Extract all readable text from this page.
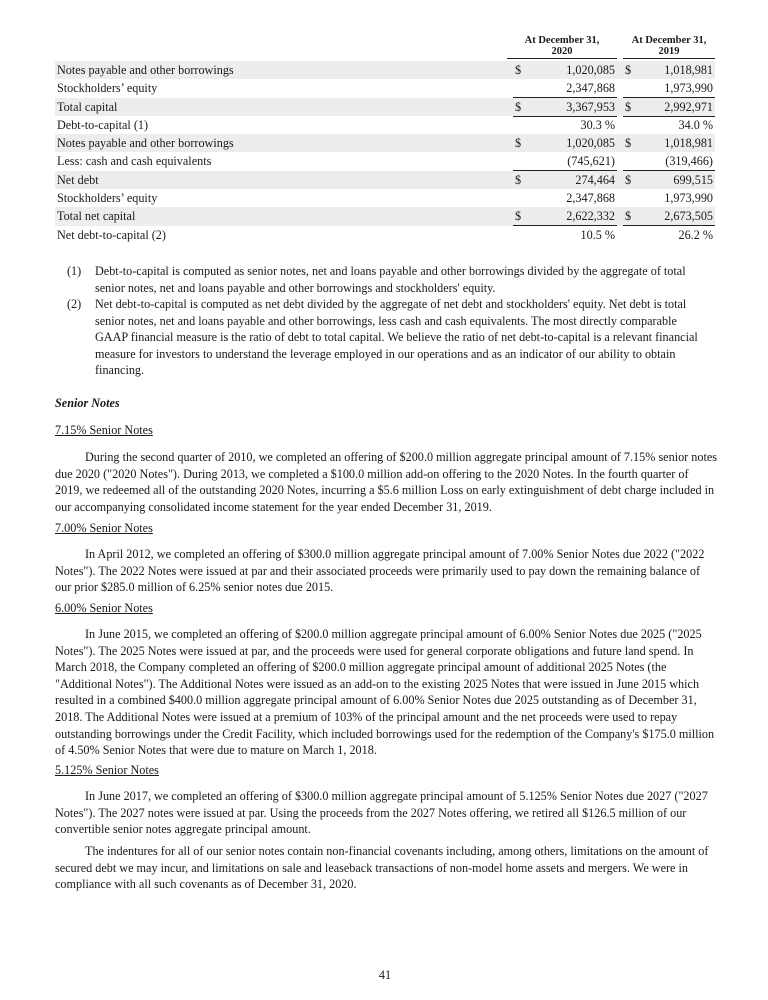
At December 31,
2020
At December 31,
2019
Notes payable and other borrowings	$	1,020,085 $	1,018,981
Stockholders’ equity	2,347,868	1,973,990
Total capital	$	3,367,953 $	2,992,971
Debt-to-capital (1)	30.3 %	34.0 %
Notes payable and other borrowings	$	1,020,085 $	1,018,981
Less: cash and cash equivalents	(745,621)	(319,466)
Net debt	$	274,464 $	699,515
Stockholders’ equity	2,347,868	1,973,990
Total net capital	$	2,622,332 $	2,673,505
Net debt-to-capital (2)	10.5 %	26.2 %
(1) Debt-to-capital is computed as senior notes, net and loans payable and other borrowings divided by the aggregate of total senior notes, net and loans payable and other borrowings and stockholders' equity.
(2) Net debt-to-capital is computed as net debt divided by the aggregate of net debt and stockholders' equity. Net debt is total senior notes, net and loans payable and other borrowings, less cash and cash equivalents. The most directly comparable GAAP financial measure is the ratio of debt to total capital. We believe the ratio of net debt-to-capital is a relevant financial measure for investors to understand the leverage employed in our operations and as an indicator of our ability to obtain financing.
Senior Notes
7.15% Senior Notes
During the second quarter of 2010, we completed an offering of $200.0 million aggregate principal amount of 7.15% senior notes due 2020 ("2020 Notes"). During 2013, we completed a $100.0 million add-on offering to the 2020 Notes. In the fourth quarter of 2019, we redeemed all of the outstanding 2020 Notes, incurring a $5.6 million Loss on early extinguishment of debt charge included in our accompanying consolidated income statement for the year ended December 31, 2019.
7.00% Senior Notes
In April 2012, we completed an offering of $300.0 million aggregate principal amount of 7.00% Senior Notes due 2022 ("2022 Notes"). The 2022 Notes were issued at par and their associated proceeds were primarily used to pay down the remaining balance of our prior $285.0 million of 6.25% senior notes due 2015.
6.00% Senior Notes
In June 2015, we completed an offering of $200.0 million aggregate principal amount of 6.00% Senior Notes due 2025 ("2025 Notes"). The 2025 Notes were issued at par, and the proceeds were used for general corporate obligations and future land spend. In March 2018, the Company completed an offering of $200.0 million aggregate principal amount of additional 2025 Notes (the "Additional Notes"). The Additional Notes were issued as an add-on to the existing 2025 Notes that were issued in June 2015 which resulted in a combined $400.0 million aggregate principal amount of 6.00% Senior Notes due 2025 outstanding as of December 31, 2018. The Additional Notes were issued at a premium of 103% of the principal amount and the net proceeds were used to repay outstanding borrowings under the Credit Facility, which included borrowings used for the redemption of the Company's $175.0 million of 4.50% Senior Notes that were due to mature on March 1, 2018.
5.125% Senior Notes
In June 2017, we completed an offering of $300.0 million aggregate principal amount of 5.125% Senior Notes due 2027 ("2027 Notes"). The 2027 notes were issued at par. Using the proceeds from the 2027 Notes offering, we retired all $126.5 million of our convertible senior notes aggregate principal amount.
The indentures for all of our senior notes contain non-financial covenants including, among others, limitations on the amount of secured debt we may incur, and limitations on sale and leaseback transactions of non-model home assets and mergers. We were in compliance with all such covenants as of December 31, 2020.
41
